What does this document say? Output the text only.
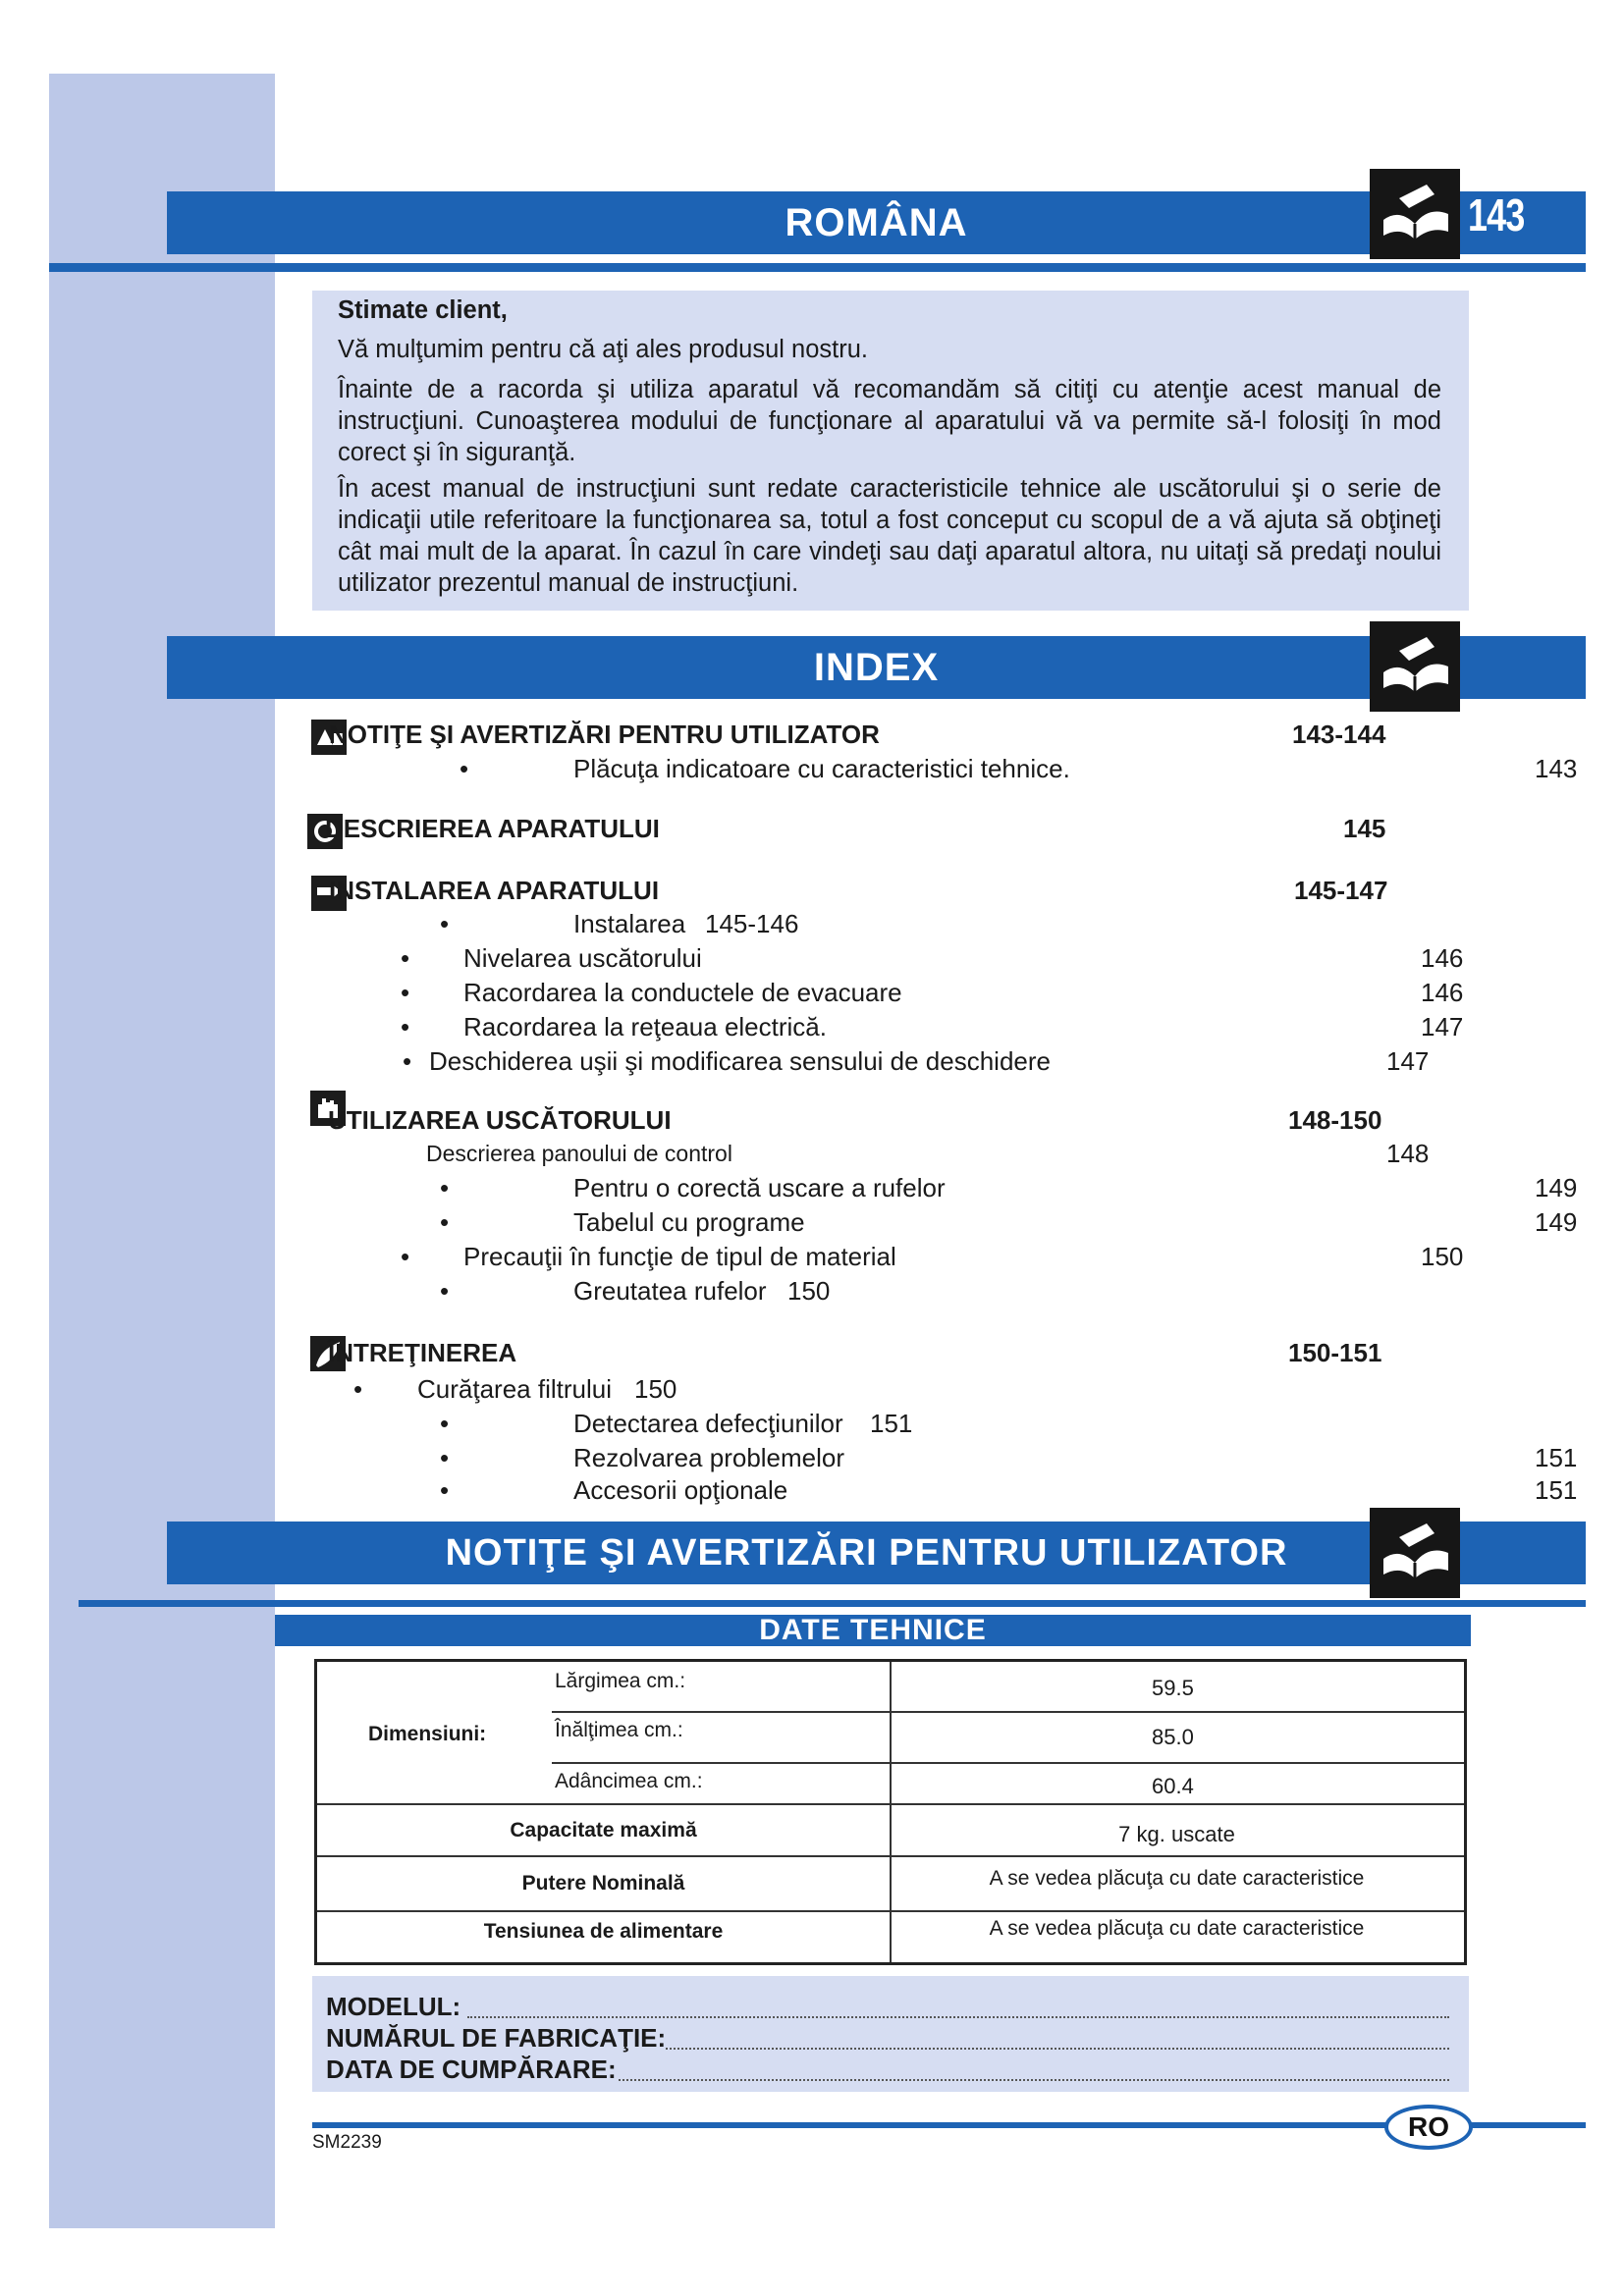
ROMÂNA	143

Stimate client,

Vă mulţumim pentru că aţi ales produsul nostru.

Înainte de a racorda şi utiliza aparatul vă recomandăm să citiţi cu atenţie acest manual de instrucţiuni. Cunoaşterea modului de funcţionare al aparatului vă va permite să-l folosiţi în mod corect şi în siguranţă.

În acest manual de instrucţiuni sunt redate caracteristicile tehnice ale uscătorului şi o serie de indicaţii utile referitoare la funcţionarea sa, totul a fost conceput cu scopul de a vă ajuta să obţineţi cât mai mult de la aparat. În cazul în care vindeţi sau daţi aparatul altora, nu uitaţi să predaţi noului utilizator prezentul manual de instrucţiuni.

INDEX
NOTIŢE ŞI AVERTIZĂRI PENTRU UTILIZATOR	143-144
•	Plăcuţa indicatoare cu caracteristici tehnice.	143
DESCRIEREA APARATULUI	145
INSTALAREA APARATULUI	145-147
•	Instalarea 145-146
• Nivelarea uscătorului	146
• Racordarea la conductele de evacuare	146
• Racordarea la reţeaua electrică.	147
• Deschiderea uşii şi modificarea sensului de deschidere	147
UTILIZAREA USCĂTORULUI	148-150
Descrierea panoului de control	148
•	Pentru o corectă uscare a rufelor	149
•	Tabelul cu programe	149
• Precauţii în funcţie de tipul de material	150
•	Greutatea rufelor 150
ÎNTREŢINEREA	150-151
• Curăţarea filtrului 150
•	Detectarea defecţiunilor 151
•	Rezolvarea problemelor	151
•	Accesorii opţionale	151
NOTIŢE ŞI AVERTIZĂRI PENTRU UTILIZATOR
DATE TEHNICE
Dimensiuni:
Lărgimea cm.:	59.5
Înălţimea cm.:	85.0
Adâncimea cm.:	60.4
Capacitate maximă	7 kg. uscate
Putere Nominală	A se vedea plăcuţa cu date caracteristice
Tensiunea de alimentare	A se vedea plăcuţa cu date caracteristice
MODELUL:
NUMĂRUL DE FABRICAŢIE:
DATA DE CUMPĂRARE:
SM2239
RO
